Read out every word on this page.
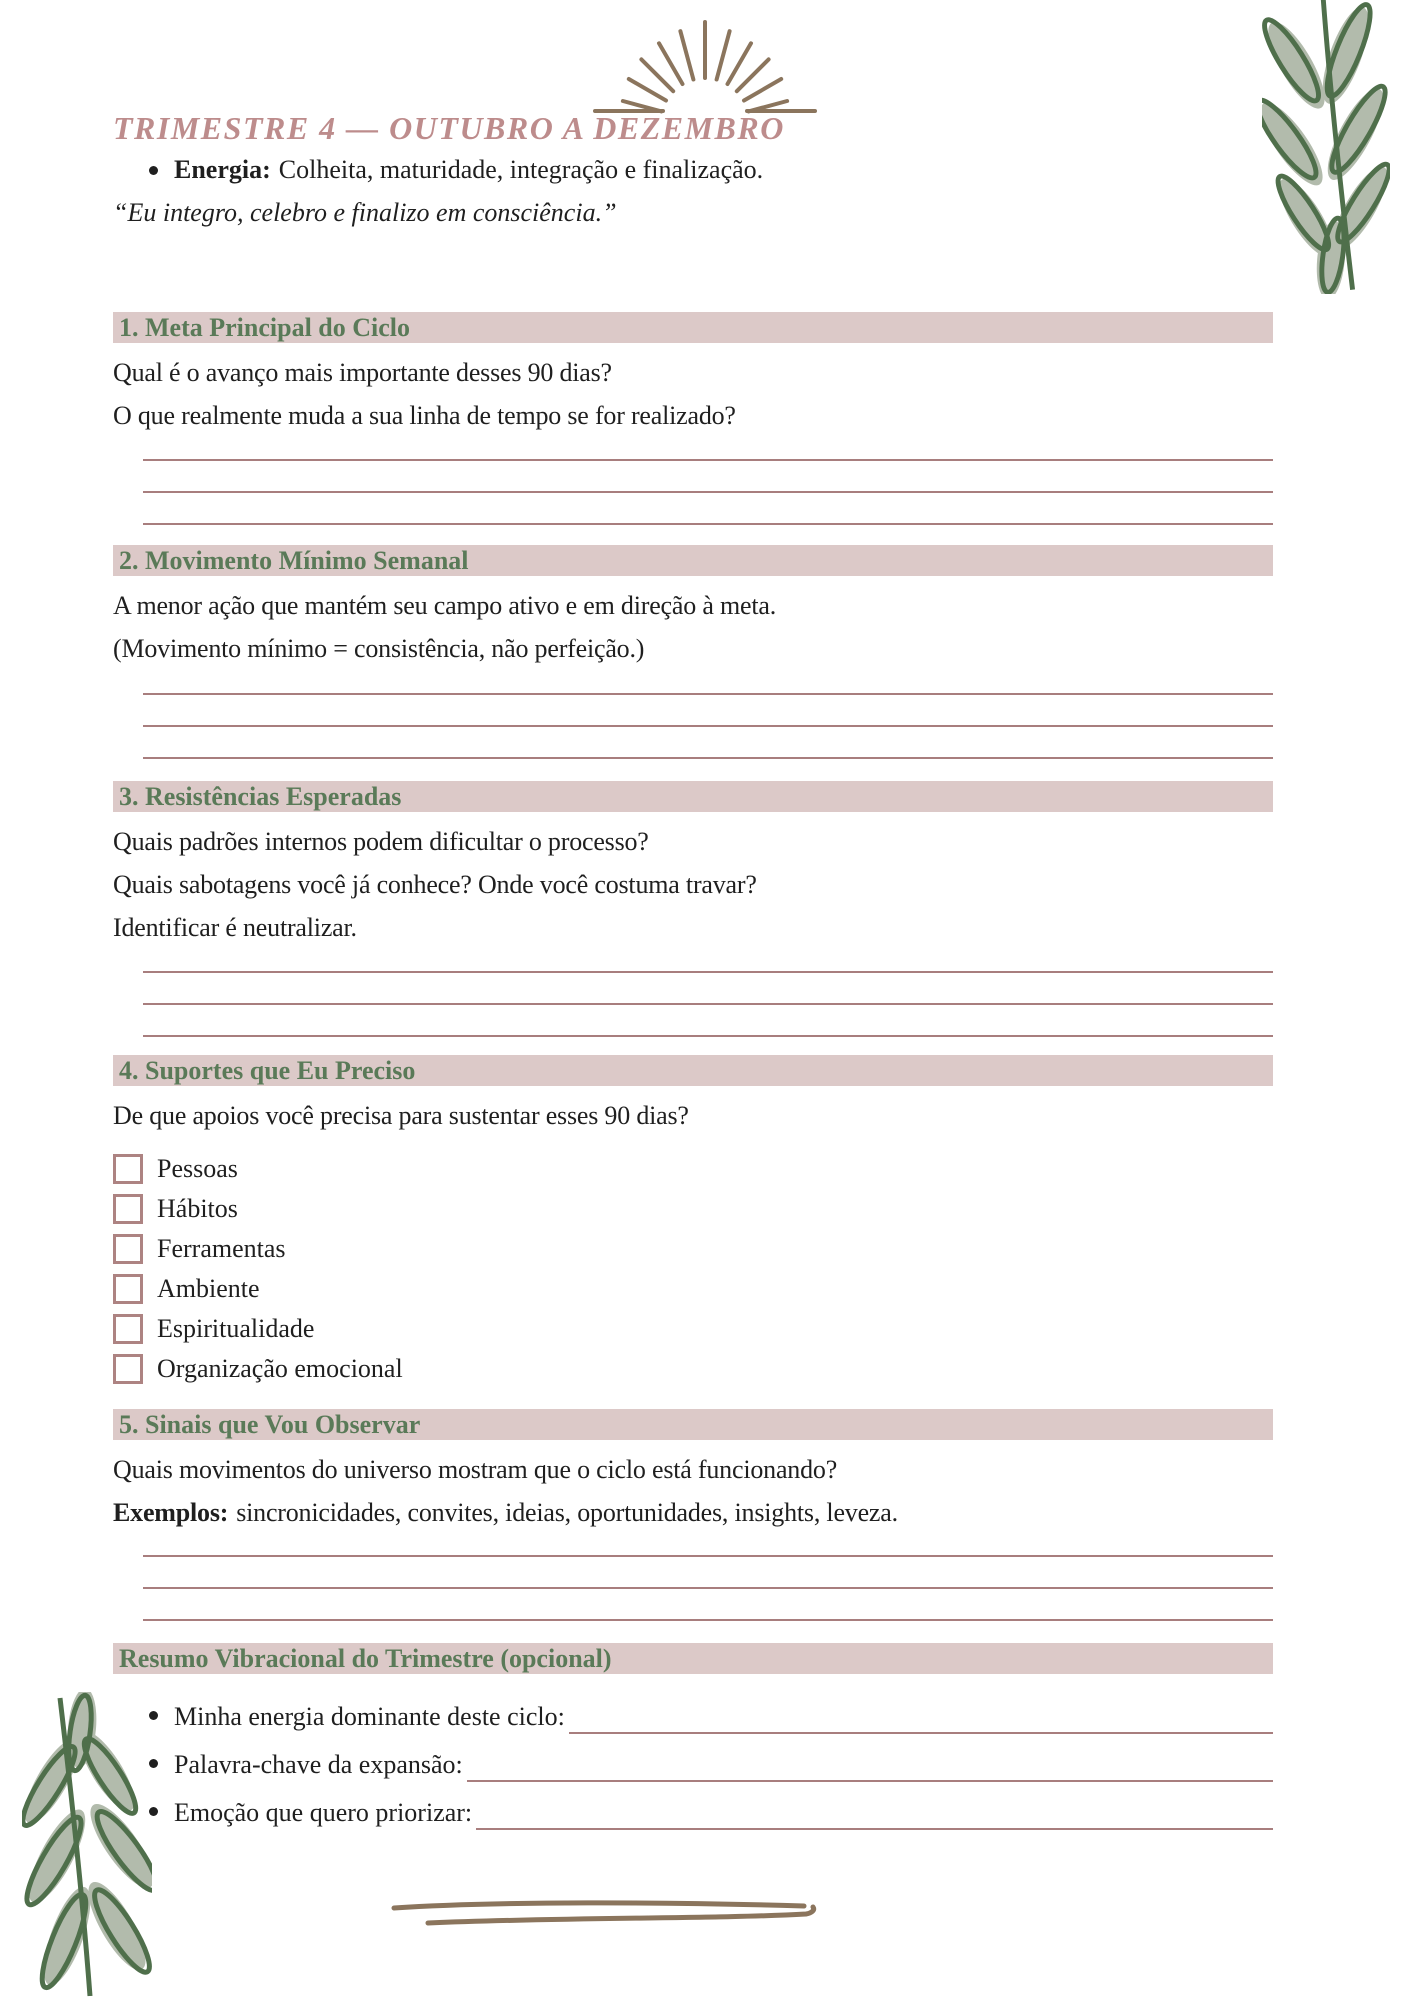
TRIMESTRE 4 — OUTUBRO A DEZEMBRO
Energia: Colheita, maturidade, integração e finalização.
“Eu integro, celebro e finalizo em consciência.”
1. Meta Principal do Ciclo

Qual é o avanço mais importante desses 90 dias?

O que realmente muda a sua linha de tempo se for realizado?

2. Movimento Mínimo Semanal

A menor ação que mantém seu campo ativo e em direção à meta.

(Movimento mínimo = consistência, não perfeição.)

3. Resistências Esperadas

Quais padrões internos podem dificultar o processo?

Quais sabotagens você já conhece? Onde você costuma travar?

Identificar é neutralizar.

4. Suportes que Eu Preciso

De que apoios você precisa para sustentar esses 90 dias?

Pessoas
Hábitos
Ferramentas
Ambiente
Espiritualidade
Organização emocional
5. Sinais que Vou Observar

Quais movimentos do universo mostram que o ciclo está funcionando?

Exemplos: sincronicidades, convites, ideias, oportunidades, insights, leveza.

Resumo Vibracional do Trimestre (opcional)
Minha energia dominante deste ciclo:
Palavra-chave da expansão:
Emoção que quero priorizar:
